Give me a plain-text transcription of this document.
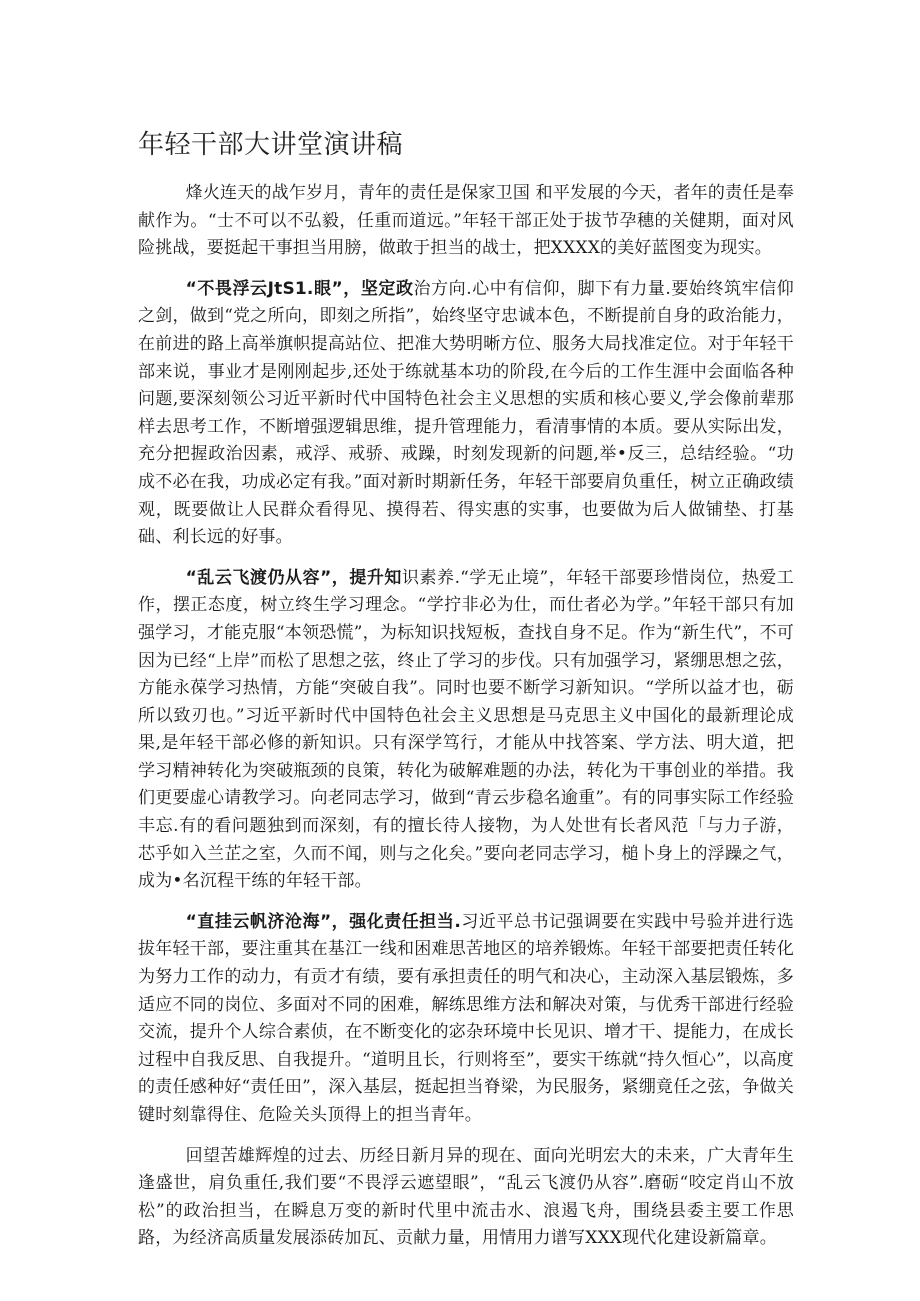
年轻干部大讲堂演讲稿

烽火连天的战乍岁月，青年的责任是保家卫国 和平发展的今天，者年的责任是奉献作为。“士不可以不弘毅，任重而道远。”年轻干部正处于拔节孕穗的关健期，面对风险挑战，要挺起干事担当用膀，做敢于担当的战士，把XXXX的美好蓝图变为现实。

“不畏浮云JtS1.眼”，坚定政治方向.心中有信仰，脚下有力量.要始终筑牢信仰之剑，做到“党之所向，即刻之所指”，始终坚守忠诚本色，不断提前自身的政治能力，在前进的路上高举旗帜提高站位、把准大势明晰方位、服务大局找准定位。对于年轻干部来说，事业才是刚刚起步,还处于练就基本功的阶段,在今后的工作生涯中会面临各种问题,要深刻领公习近平新时代中国特色社会主义思想的实质和核心要义,学会像前辈那样去思考工作，不断增强逻辑思维，提升管理能力，看清事情的本质。要从实际出发，充分把握政治因素，戒浮、戒骄、戒躁，时刻发现新的问题,举•反三，总结经验。“功成不必在我，功成必定有我。”面对新时期新任务，年轻干部要肩负重任，树立正确政绩观，既要做让人民群众看得见、摸得若、得实惠的实事，也要做为后人做铺垫、打基础、利长远的好事。

“乱云飞渡仍从容”，提升知识素养.“学无止境”，年轻干部要珍惜岗位，热爱工作，摆正态度，树立终生学习理念。“学拧非必为仕，而仕者必为学。”年轻干部只有加强学习，才能克服“本领恐慌”，为标知识找短板，查找自身不足。作为“新生代”，不可因为已经“上岸”而松了思想之弦，终止了学习的步伐。只有加强学习，紧绷思想之弦，方能永葆学习热情，方能“突破自我”。同时也要不断学习新知识。“学所以益才也，砺所以致刃也。”习近平新时代中国特色社会主义思想是马克思主义中国化的最新理论成果,是年轻干部必修的新知识。只有深学笃行，才能从中找答案、学方法、明大道，把学习精神转化为突破瓶颈的良策，转化为破解难题的办法，转化为干事创业的举措。我们更要虚心请教学习。向老同志学习，做到“青云步稳名逾重”。有的同事实际工作经验丰忘.有的看问题独到而深刻，有的擅长待人接物，为人处世有长者风范「与力子游，芯乎如入兰芷之室，久而不闻，则与之化矣。”要向老同志学习，槌卜身上的浮躁之气，成为•名沉程干练的年轻干部。

“直挂云帆济沧海”，强化责任担当.习近平总书记强调要在实践中号验并进行选拔年轻干部，要注重其在基江一线和困难思苦地区的培养锻炼。年轻干部要把责任转化为努力工作的动力，有贡才有绩，要有承担责任的明气和决心，主动深入基层锻炼，多适应不同的岗位、多面对不同的困难，解练思维方法和解决对策，与优秀干部进行经验交流，提升个人综合素侦，在不断变化的宓杂环境中长见识、增才干、提能力，在成长过程中自我反思、自我提升。“道明且长，行则将至”，要实干练就“持久恒心”，以高度的责任感种好“责任田”，深入基层，挺起担当脊梁，为民服务，紧绷竟任之弦，争做关键时刻靠得住、危险关头顶得上的担当青年。

回望苦雄辉煌的过去、历经日新月异的现在、面向光明宏大的未来，广大青年生逢盛世，肩负重任,我们要“不畏浮云遮望眼”，“乱云飞渡仍从容”.磨砺“咬定肖山不放松”的政治担当，在瞬息万变的新时代里中流击水、浪遏飞舟，围绕县委主要工作思路，为经济高质量发展添砖加瓦、贡献力量，用情用力谱写XXX现代化建设新篇章。
